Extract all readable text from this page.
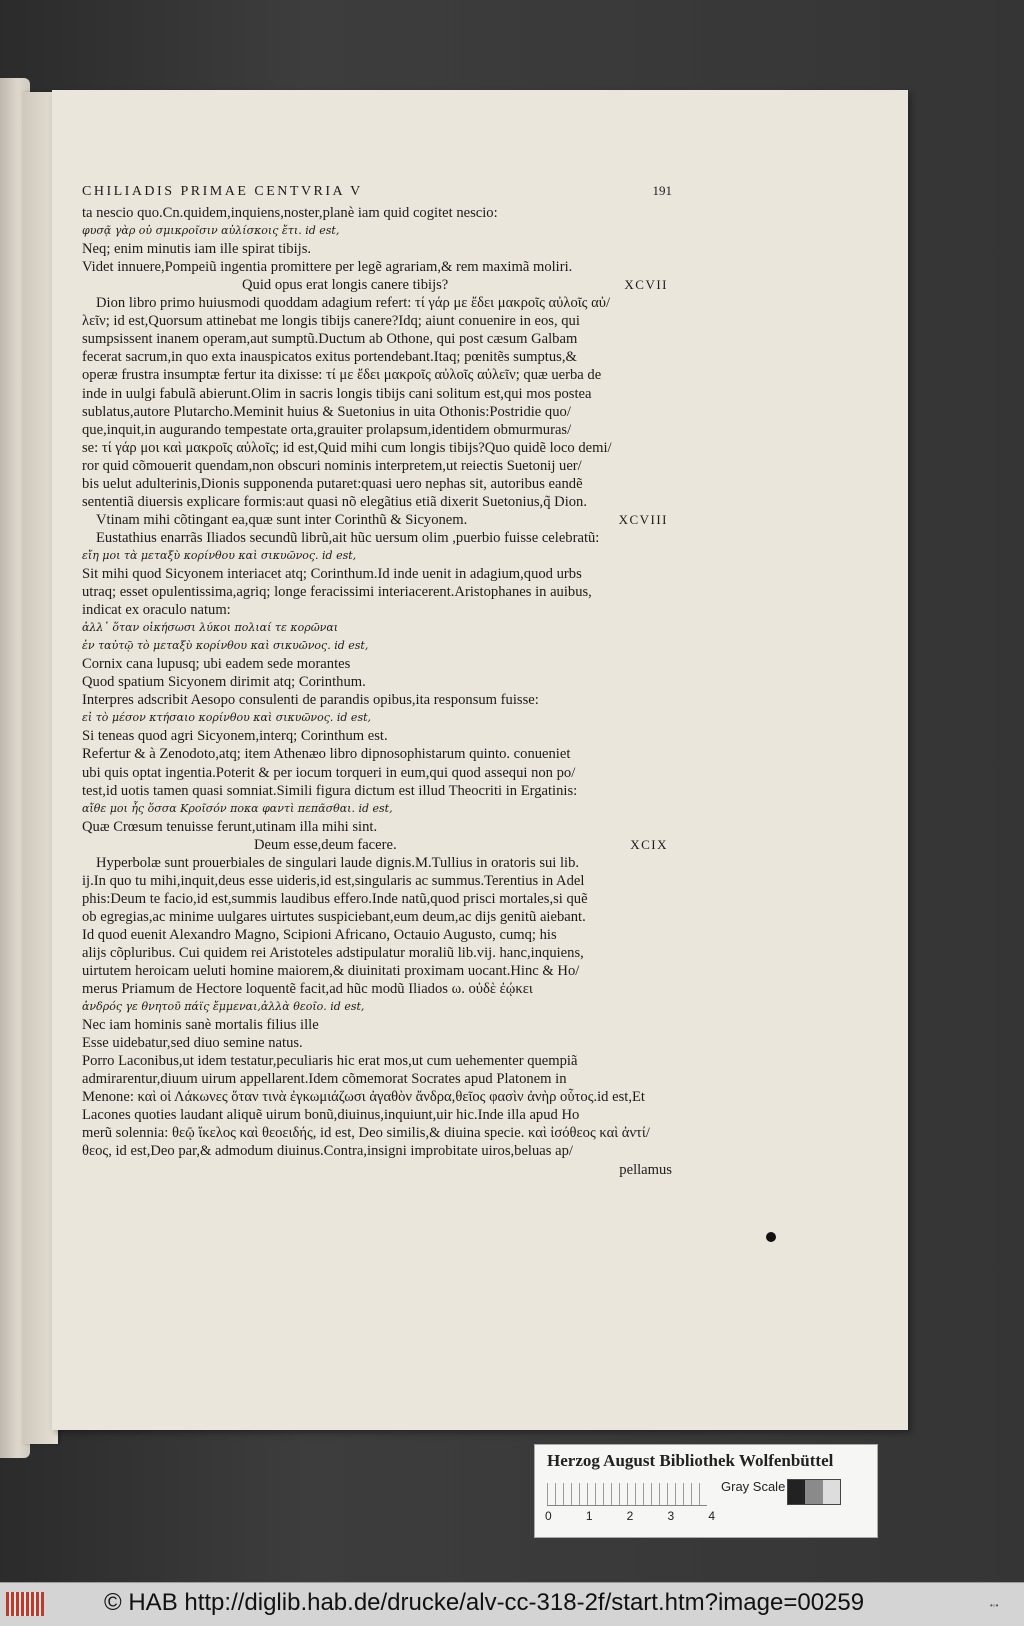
CHILIADIS PRIMAE CENTVRIA V	191
ta nescio quo.Cn.quidem,inquiens,noster,planè iam quid cogitet nescio:
φυσᾷ γὰρ οὐ σμικροῖσιν αὐλίσκοις ἔτι. id est,
Neq; enim minutis iam ille spirat tibijs.
Videt innuere,Pompeiũ ingentia promittere per legẽ agrariam,& rem maximã moliri.
Quid opus erat longis canere tibijs?	XCVII
Dion libro primo huiusmodi quoddam adagium refert: τί γάρ με ἔδει μακροῖς αὐλοῖς αὐ/
λεῖν; id est,Quorsum attinebat me longis tibijs canere?Idq; aiunt conuenire in eos, qui
sumpsissent inanem operam,aut sumptũ.Ductum ab Othone, qui post cæsum Galbam
fecerat sacrum,in quo exta inauspicatos exitus portendebant.Itaq; pœnitẽs sumptus,&
operæ frustra insumptæ fertur ita dixisse: τί με ἔδει μακροῖς αὐλοῖς αὐλεῖν; quæ uerba de
inde in uulgi fabulã abierunt.Olim in sacris longis tibijs cani solitum est,qui mos postea
sublatus,autore Plutarcho.Meminit huius & Suetonius in uita Othonis:Postridie quo/
que,inquit,in augurando tempestate orta,grauiter prolapsum,identidem obmurmuras/
se: τί γάρ μοι καὶ μακροῖς αὐλοῖς; id est,Quid mihi cum longis tibijs?Quo quidẽ loco demi/
ror quid cõmouerit quendam,non obscuri nominis interpretem,ut reiectis Suetonij uer/
bis uelut adulterinis,Dionis supponenda putaret:quasi uero nephas sit, autoribus eandẽ
sententiã diuersis explicare formis:aut quasi nõ elegãtius etiã dixerit Suetonius,q̃ Dion.
Vtinam mihi cõtingant ea,quæ sunt inter Corinthũ & Sicyonem.	XCVIII
Eustathius enarrãs Iliados secundũ librũ,ait hũc uersum olim ,puerbio fuisse celebratũ:
εἴη μοι τὰ μεταξὺ κορίνθου καὶ σικυῶνος. id est,
Sit mihi quod Sicyonem interiacet atq; Corinthum.Id inde uenit in adagium,quod urbs
utraq; esset opulentissima,agriq; longe feracissimi interiacerent.Aristophanes in auibus,
indicat ex oraculo natum:
ἀλλ᾽ ὅταν οἰκήσωσι λύκοι πολιαί τε κορῶναι
ἐν ταὐτῷ τὸ μεταξὺ κορίνθου καὶ σικυῶνος. id est,
Cornix cana lupusq; ubi eadem sede morantes
Quod spatium Sicyonem dirimit atq; Corinthum.
Interpres adscribit Aesopo consulenti de parandis opibus,ita responsum fuisse:
εἰ τὸ μέσον κτήσαιο κορίνθου καὶ σικυῶνος. id est,
Si teneas quod agri Sicyonem,interq; Corinthum est.
Refertur & à Zenodoto,atq; item Athenæo libro dipnosophistarum quinto. conueniet
ubi quis optat ingentia.Poterit & per iocum torqueri in eum,qui quod assequi non po/
test,id uotis tamen quasi somniat.Simili figura dictum est illud Theocriti in Ergatinis:
αἴθε μοι ἦς ὅσσα Κροῖσόν ποκα φαντὶ πεπᾶσθαι. id est,
Quæ Crœsum tenuisse ferunt,utinam illa mihi sint.
Deum esse,deum facere.	XCIX
Hyperbolæ sunt prouerbiales de singulari laude dignis.M.Tullius in oratoris sui lib.
ij.In quo tu mihi,inquit,deus esse uideris,id est,singularis ac summus.Terentius in Adel
phis:Deum te facio,id est,summis laudibus effero.Inde natũ,quod prisci mortales,si quẽ
ob egregias,ac minime uulgares uirtutes suspiciebant,eum deum,ac dijs genitũ aiebant.
Id quod euenit Alexandro Magno, Scipioni Africano, Octauio Augusto, cumq; his
alijs cõpluribus. Cui quidem rei Aristoteles adstipulatur moraliũ lib.vij. hanc,inquiens,
uirtutem heroicam ueluti homine maiorem,& diuinitati proximam uocant.Hinc & Ho/
merus Priamum de Hectore loquentẽ facit,ad hũc modũ Iliados ω. οὐδὲ ἐῴκει
ἀνδρός γε θνητοῦ πάϊς ἔμμεναι,ἀλλὰ θεοῖο. id est,
Nec iam hominis sanè mortalis filius ille
Esse uidebatur,sed diuo semine natus.
Porro Laconibus,ut idem testatur,peculiaris hic erat mos,ut cum uehementer quempiã
admirarentur,diuum uirum appellarent.Idem cõmemorat Socrates apud Platonem in
Menone: καὶ οἱ Λάκωνες ὅταν τινὰ ἐγκωμιάζωσι ἀγαθὸν ἄνδρα,θεῖος φασὶν ἀνὴρ οὗτος.id est,Et
Lacones quoties laudant aliquẽ uirum bonũ,diuinus,inquiunt,uir hic.Inde illa apud Ho
merũ solennia: θεῷ ἴκελος καὶ θεοειδής, id est, Deo similis,& diuina specie. καὶ ἰσόθεος καὶ ἀντί/
θεος, id est,Deo par,& admodum diuinus.Contra,insigni improbitate uiros,beluas ap/
pellamus
Herzog August Bibliothek Wolfenbüttel
0	1	2	3	4
Gray Scale
© HAB http://diglib.hab.de/drucke/alv-cc-318-2f/start.htm?image=00259	•◦•
